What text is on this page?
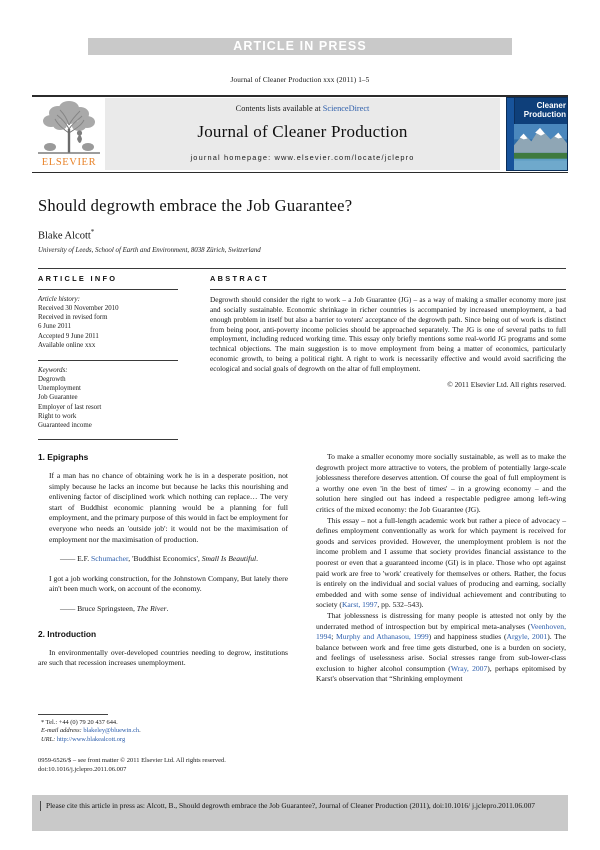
ARTICLE IN PRESS
Journal of Cleaner Production xxx (2011) 1–5
ELSEVIER
Contents lists available at ScienceDirect
Journal of Cleaner Production
journal homepage: www.elsevier.com/locate/jclepro
Cleaner
Production
Should degrowth embrace the Job Guarantee?
Blake Alcott*
University of Leeds, School of Earth and Environment, 8038 Zürich, Switzerland
ARTICLE INFO
Article history:
Received 30 November 2010
Received in revised form
6 June 2011
Accepted 9 June 2011
Available online xxx
Keywords:
Degrowth
Unemployment
Job Guarantee
Employer of last resort
Right to work
Guaranteed income
ABSTRACT
Degrowth should consider the right to work – a Job Guarantee (JG) – as a way of making a smaller economy more just and socially sustainable. Economic shrinkage in richer countries is accompanied by increased unemployment, a bad enough problem in itself but also a barrier to voters' acceptance of the degrowth path. Since being out of work is distinct from being poor, anti-poverty income policies should be approached separately. The JG is one of several paths to full employment, including reduced working time. This essay only briefly mentions some real-world JG programs and some technical objections. The main suggestion is to move employment from being a matter of economics, particularly economic growth, to being a political right. A right to work is necessarily effective and would avoid sacrificing the ecological and social goals of degrowth on the altar of full employment.
© 2011 Elsevier Ltd. All rights reserved.
1. Epigraphs

If a man has no chance of obtaining work he is in a desperate position, not simply because he lacks an income but because he lacks this nourishing and enlivening factor of disciplined work which nothing can replace… The very start of Buddhist economic planning would be a planning for full employment, and the primary purpose of this would in fact be employment for everyone who needs an 'outside job': it would not be the maximisation of employment nor the maximisation of production.

—— E.F. Schumacher, 'Buddhist Economics', Small Is Beautiful.

I got a job working construction, for the Johnstown Company, But lately there ain't been much work, on account of the economy.

—— Bruce Springsteen, The River.

2. Introduction

In environmentally over-developed countries needing to degrow, institutions are such that recession increases unemployment.

To make a smaller economy more socially sustainable, as well as to make the degrowth project more attractive to voters, the problem of potentially large-scale joblessness therefore deserves attention. Of course the goal of full employment is a worthy one even 'in the best of times' – in a growing economy – and the solution here singled out has indeed a respectable pedigree among left-wing critics of the mixed economy: the Job Guarantee (JG).

This essay – not a full-length academic work but rather a piece of advocacy – defines employment conventionally as work for which payment is received for goods and services provided. However, the unemployment problem is not the income problem and I assume that society provides financial assistance to the poorest or even that a guaranteed income (GI) is in place. Those who opt against paid work are free to 'work' creatively for themselves or others. Rather, the focus is entirely on the individual and social values of producing and earning, socially embedded and with some sense of individual achievement and contributing to society (Karst, 1997, pp. 532–543).

That joblessness is distressing for many people is attested not only by the underrated method of introspection but by empirical meta-analyses (Veenhoven, 1994; Murphy and Athanasou, 1999) and happiness studies (Argyle, 2001). The balance between work and free time gets disturbed, one is a burden on society, and feelings of uselessness arise. Social stresses range from sub-lower-class exclusion to higher alcohol consumption (Wray, 2007), perhaps epitomised by Karst's observation that “Shrinking employment

* Tel.: +44 (0) 79 20 437 644.
E-mail address: blakeley@bluewin.ch.
URL: http://www.blakealcott.org
0959-6526/$ – see front matter © 2011 Elsevier Ltd. All rights reserved.
doi:10.1016/j.jclepro.2011.06.007
Please cite this article in press as: Alcott, B., Should degrowth embrace the Job Guarantee?, Journal of Cleaner Production (2011), doi:10.1016/ j.jclepro.2011.06.007
